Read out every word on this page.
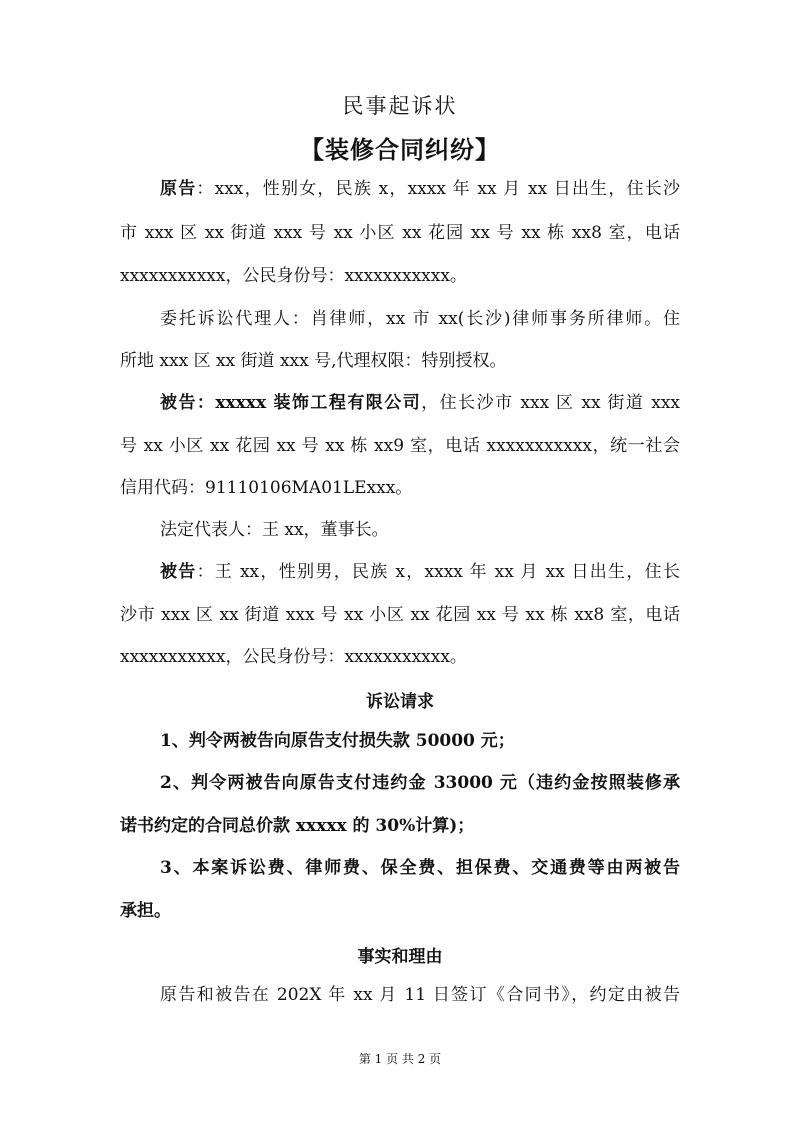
民事起诉状
【装修合同纠纷】
原告：xxx，性别女，民族 x，xxxx 年 xx 月 xx 日出生，住长沙
市 xxx 区 xx 街道 xxx 号 xx 小区 xx 花园 xx 号 xx 栋 xx8 室，电话
xxxxxxxxxxx，公民身份号：xxxxxxxxxxx。
委托诉讼代理人：肖律师，xx 市 xx(长沙)律师事务所律师。住
所地 xxx 区 xx 街道 xxx 号,代理权限：特别授权。
被告：xxxxx 装饰工程有限公司，住长沙市 xxx 区 xx 街道 xxx
号 xx 小区 xx 花园 xx 号 xx 栋 xx9 室，电话 xxxxxxxxxxx，统一社会
信用代码：91110106MA01LExxx。
法定代表人：王 xx，董事长。
被告：王 xx，性别男，民族 x，xxxx 年 xx 月 xx 日出生，住长
沙市 xxx 区 xx 街道 xxx 号 xx 小区 xx 花园 xx 号 xx 栋 xx8 室，电话
xxxxxxxxxxx，公民身份号：xxxxxxxxxxx。
诉讼请求
1、判令两被告向原告支付损失款 50000 元；
2、判令两被告向原告支付违约金 33000 元（违约金按照装修承
诺书约定的合同总价款 xxxxx 的 30%计算)；
3、本案诉讼费、律师费、保全费、担保费、交通费等由两被告
承担。
事实和理由
原告和被告在 202X 年 xx 月 11 日签订《合同书》，约定由被告
第 1 页 共 2 页
